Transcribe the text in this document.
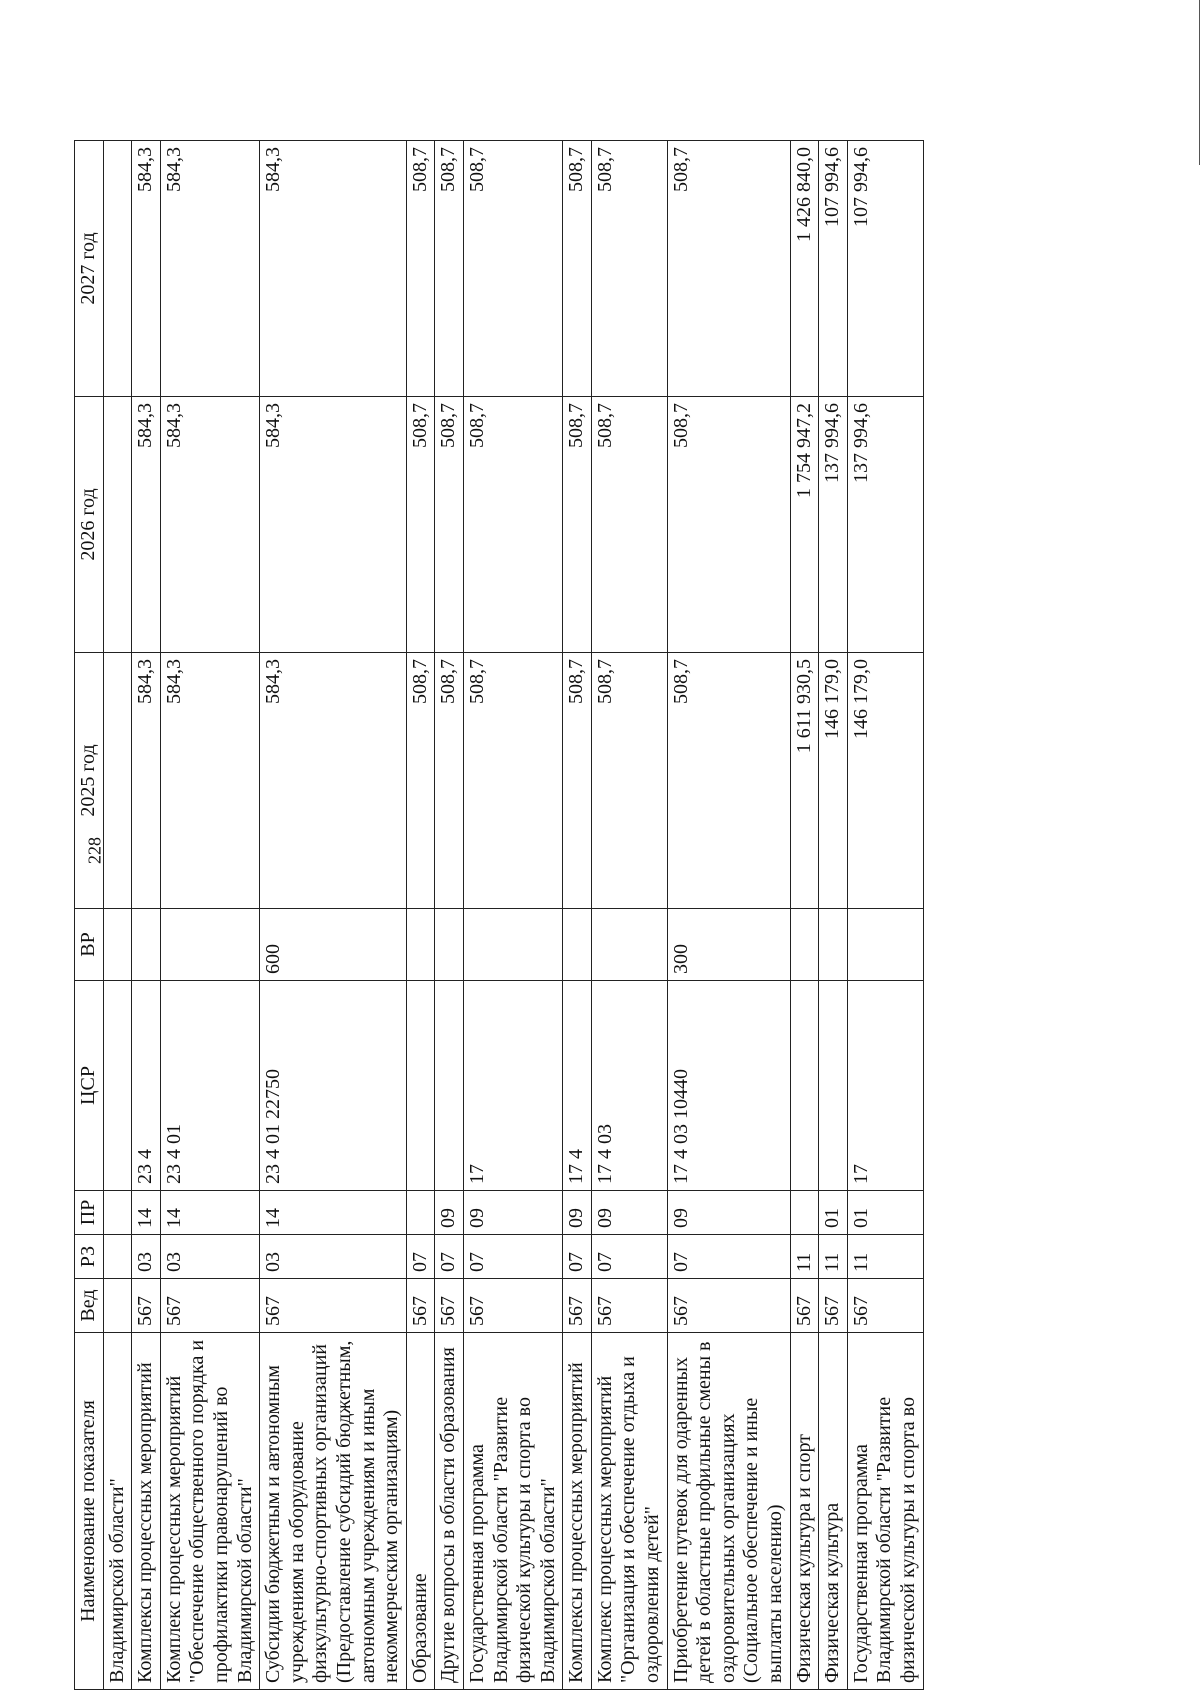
228
Наименование показателя	Вед	РЗ	ПР	ЦСР	ВР	2025 год	2026 год	2027 год
Владимирской области"								
Комплексы процессных мероприятий	567	03	14	23 4		584,3	584,3	584,3
Комплекс процессных мероприятий "Обеспечение общественного порядка и профилактики правонарушений во Владимирской области"	567	03	14	23 4 01		584,3	584,3	584,3
Субсидии бюджетным и автономным учреждениям на оборудование физкультурно-спортивных организаций (Предоставление субсидий бюджетным, автономным учреждениям и иным некоммерческим организациям)	567	03	14	23 4 01 22750	600	584,3	584,3	584,3
Образование	567	07				508,7	508,7	508,7
Другие вопросы в области образования	567	07	09			508,7	508,7	508,7
Государственная программа Владимирской области "Развитие физической культуры и спорта во Владимирской области"	567	07	09	17		508,7	508,7	508,7
Комплексы процессных мероприятий	567	07	09	17 4		508,7	508,7	508,7
Комплекс процессных мероприятий "Организация и обеспечение отдыха и оздоровления детей"	567	07	09	17 4 03		508,7	508,7	508,7
Приобретение путевок для одаренных детей в областные профильные смены в оздоровительных организациях (Социальное обеспечение и иные выплаты населению)	567	07	09	17 4 03 10440	300	508,7	508,7	508,7
Физическая культура и спорт	567	11				1 611 930,5	1 754 947,2	1 426 840,0
Физическая культура	567	11	01			146 179,0	137 994,6	107 994,6
Государственная программа Владимирской области "Развитие физической культуры и спорта во	567	11	01	17		146 179,0	137 994,6	107 994,6
